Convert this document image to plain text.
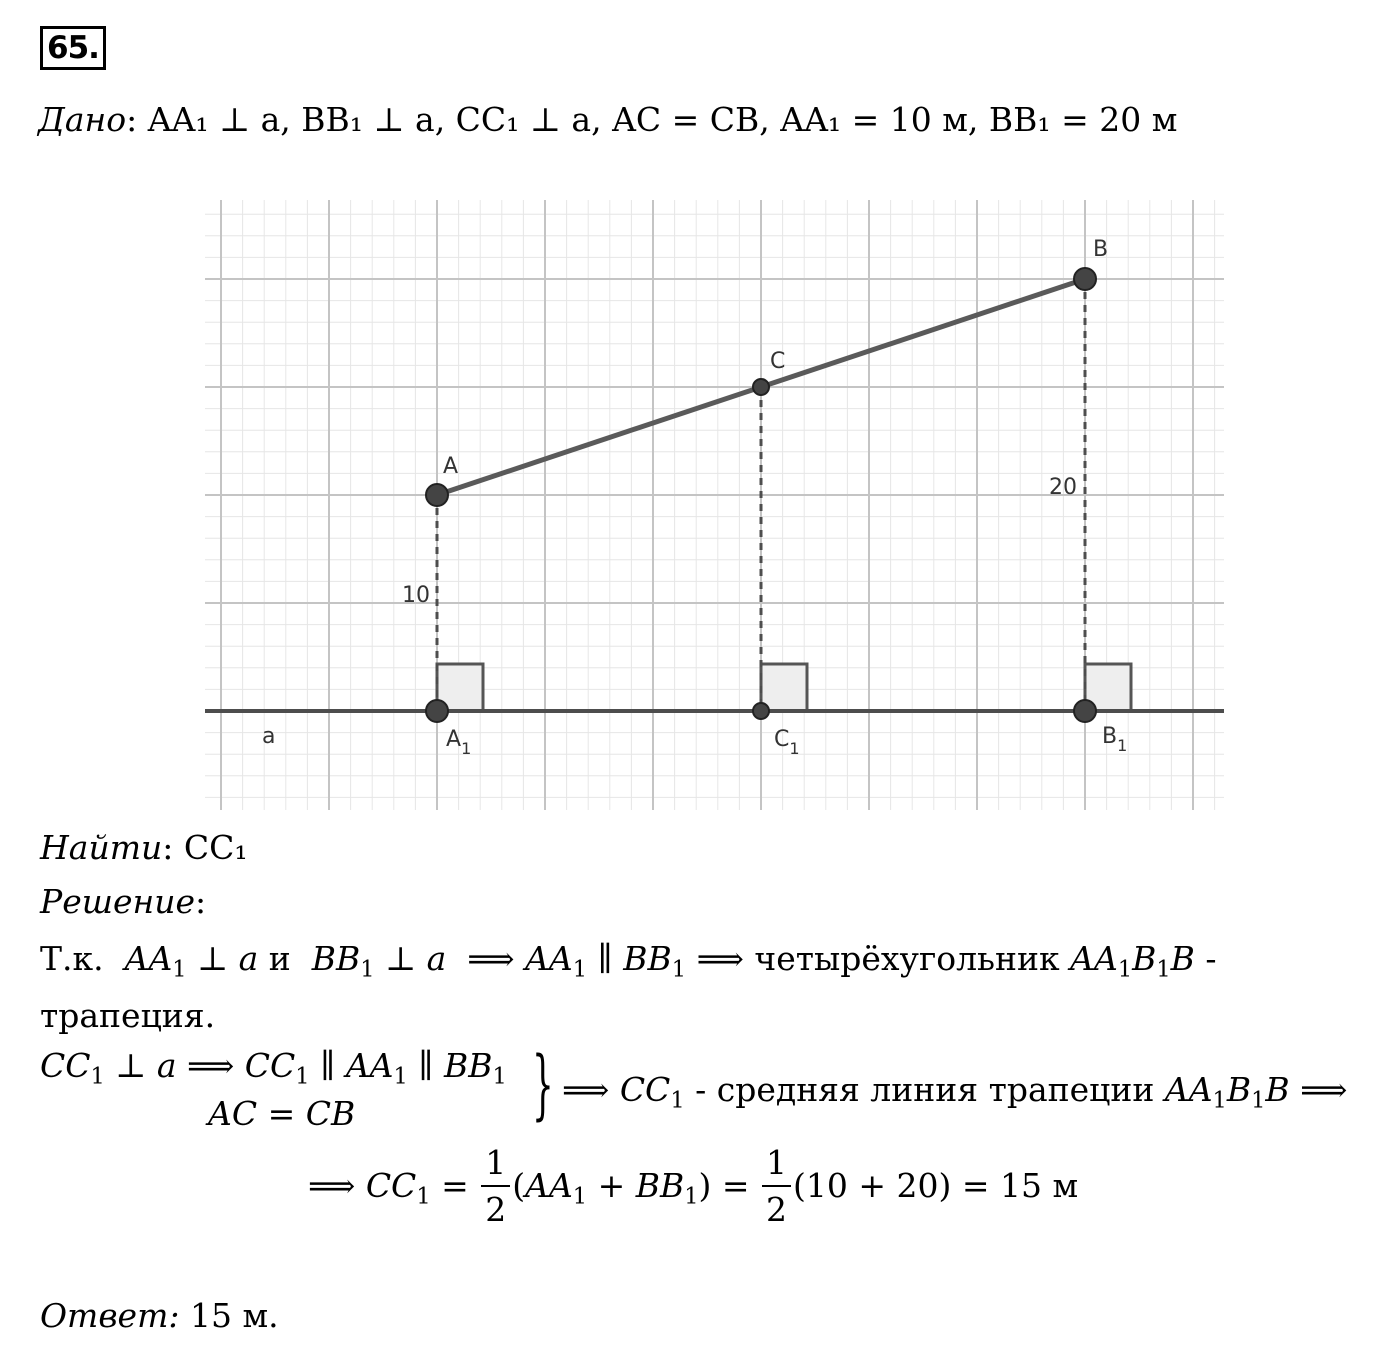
65.
Дано: AA₁ ⊥ a, BB₁ ⊥ a, CC₁ ⊥ a, AC = CB, AA₁ = 10 м, BB₁ = 20 м
A
C
B
$A_1$	$C_1$	$B_1$
a
10
20
Найти: CC₁
Решение:
Т.к. $AA_1$ ⊥ a и $BB_1$ ⊥ a  ⟹ $AA_1$ ∥ $BB_1$ ⟹ четырёхугольник $AA_1B_1B$ -
трапеция.
$CC_1$ ⊥ a ⟹ $CC_1$ ∥ $AA_1$ ∥ $BB_1$
AC = CB } ⟹ $CC_1$ - средняя линия трапеции $AA_1B_1B$ ⟹
⟹ $CC_1 = \frac{1}{2} (AA_1 + BB_1) = \frac{1}{2} (10 + 20) = 15$ м
Ответ: 15 м.
